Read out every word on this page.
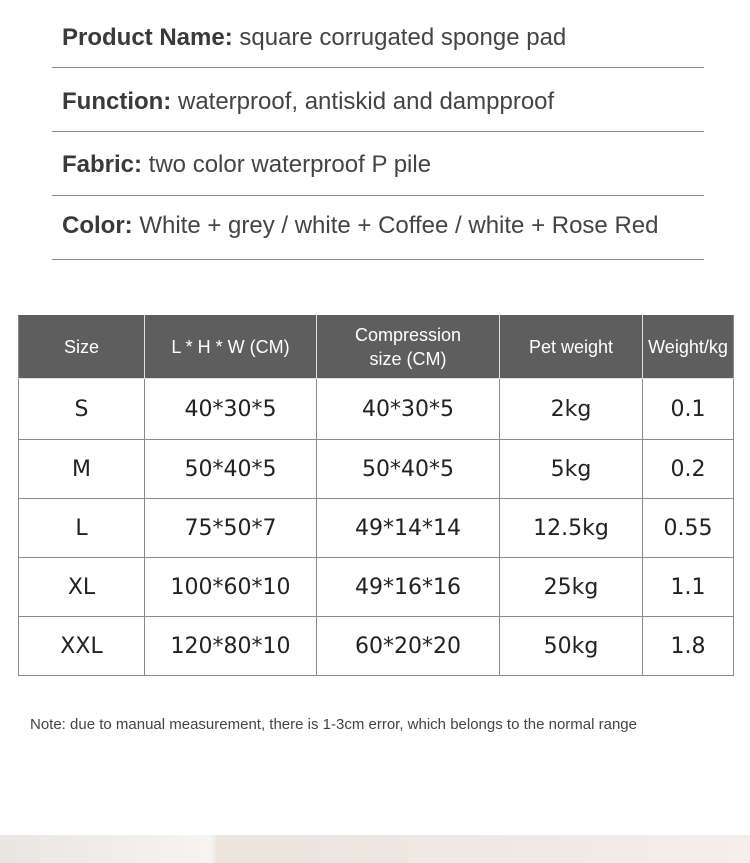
Product Name: square corrugated sponge pad
Function: waterproof, antiskid and dampproof
Fabric: two color waterproof P pile
Color: White + grey / white + Coffee / white + Rose Red
Size	L * H * W (CM)	Compression size (CM)	Pet weight	Weight/kg
S	40*30*5	40*30*5	2kg	0.1
M	50*40*5	50*40*5	5kg	0.2
L	75*50*7	49*14*14	12.5kg	0.55
XL	100*60*10	49*16*16	25kg	1.1
XXL	120*80*10	60*20*20	50kg	1.8
Note: due to manual measurement, there is 1-3cm error, which belongs to the normal range
